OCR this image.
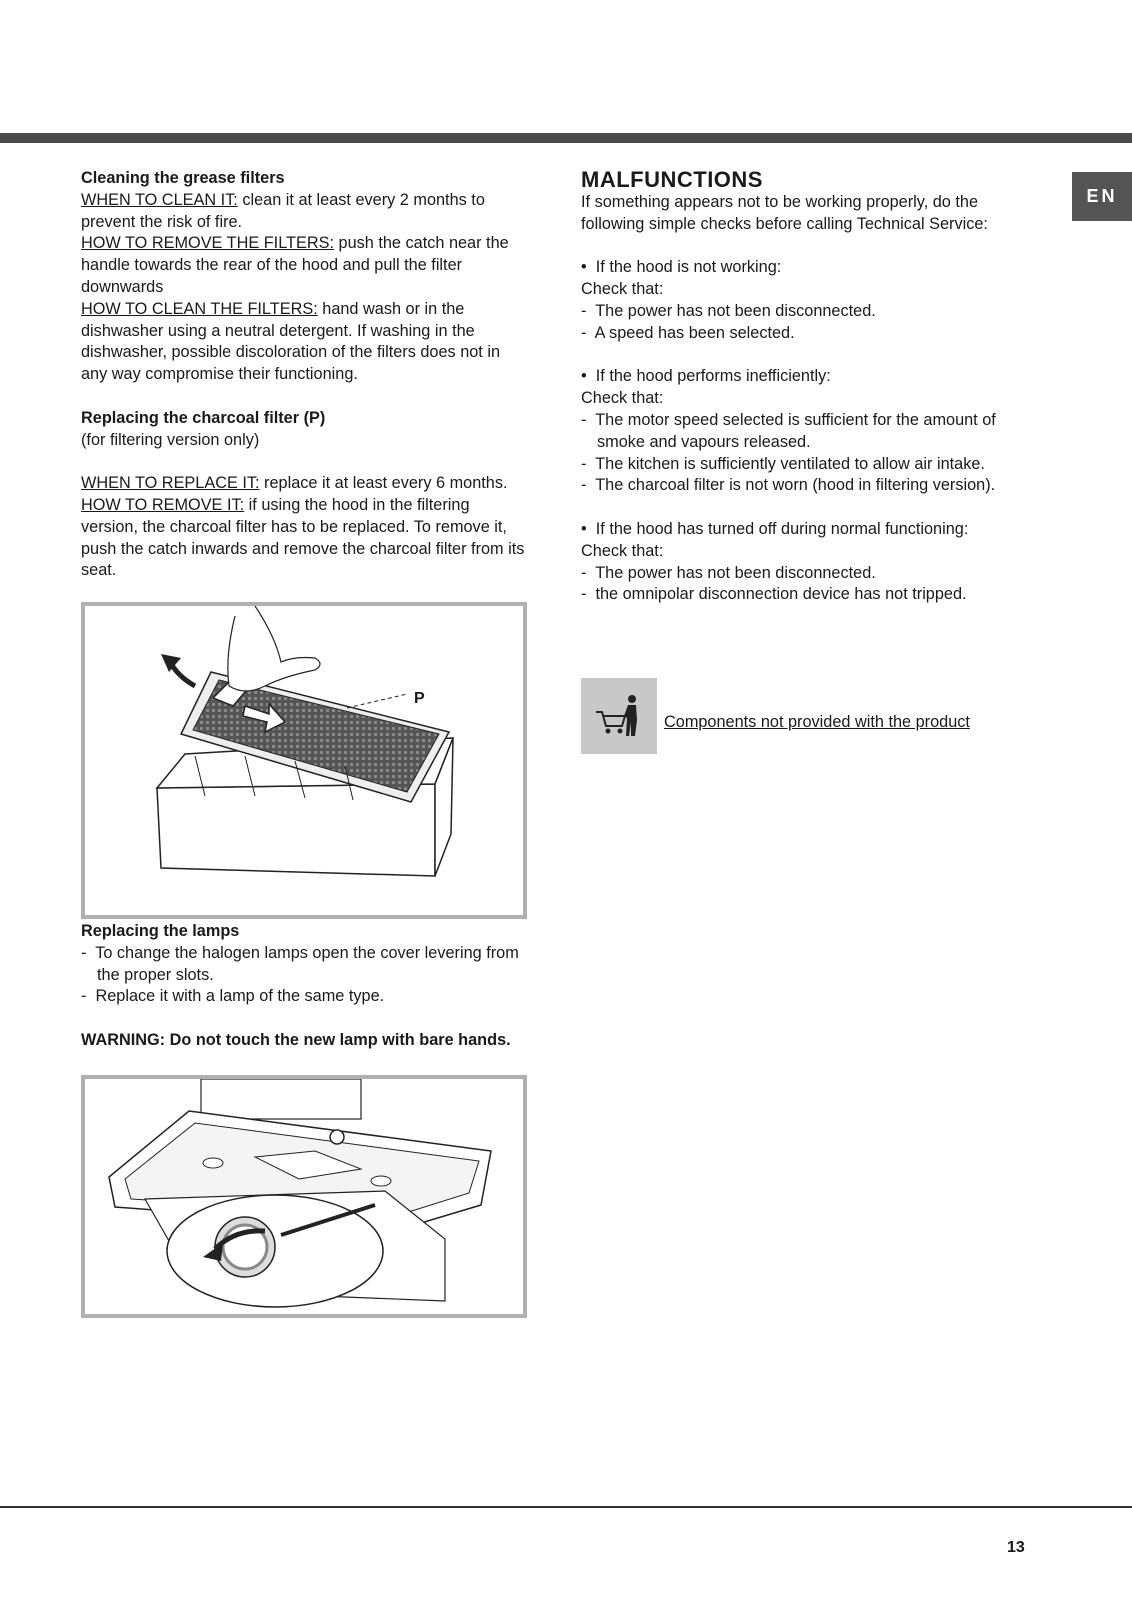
EN
Cleaning the grease filters
WHEN TO CLEAN IT: clean it at least every 2 months to prevent the risk of fire.
HOW TO REMOVE THE FILTERS: push the catch near the handle towards the rear of the hood and pull the filter downwards
HOW TO CLEAN THE FILTERS: hand wash or in the dishwasher using a neutral detergent. If washing in the dishwasher, possible discoloration of the filters does not in any way compromise their functioning.
Replacing the charcoal filter (P)
(for filtering version only)
WHEN TO REPLACE IT: replace it at least every 6 months.
HOW TO REMOVE IT: if using the hood in the filtering version, the charcoal filter has to be replaced. To remove it, push the catch inwards and remove the charcoal filter from its seat.
P
Replacing the lamps
-  To change the halogen lamps open the cover levering from the proper slots.
-  Replace it with a lamp of the same type.
WARNING: Do not touch the new lamp with bare hands.
MALFUNCTIONS
If something appears not to be working properly, do the following simple checks before calling Technical Service:
•  If the hood is not working:
Check that:
-  The power has not been disconnected.
-  A speed has been selected.
•  If the hood performs inefficiently:
Check that:
-  The motor speed selected is sufficient for the amount of smoke and vapours released.
-  The kitchen is sufficiently ventilated to allow air intake.
-  The charcoal filter is not worn (hood in filtering version).
•  If the hood has turned off during normal functioning:
Check that:
-  The power has not been disconnected.
-  the omnipolar disconnection device has not tripped.
Components not provided with the product
13
